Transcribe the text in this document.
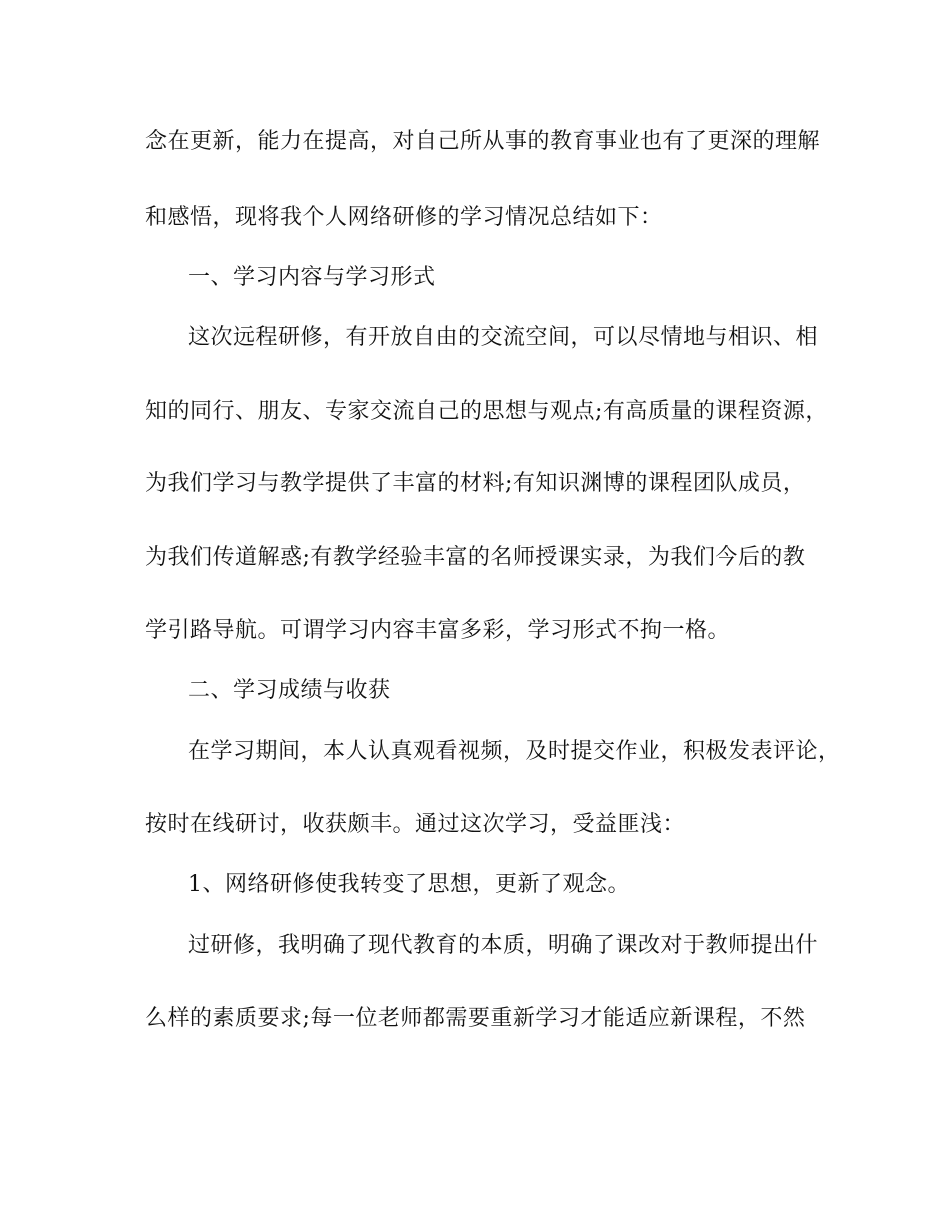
念在更新，能力在提高，对自己所从事的教育事业也有了更深的理解
和感悟，现将我个人网络研修的学习情况总结如下：
一、学习内容与学习形式
这次远程研修，有开放自由的交流空间，可以尽情地与相识、相
知的同行、朋友、专家交流自己的思想与观点;有高质量的课程资源，
为我们学习与教学提供了丰富的材料;有知识渊博的课程团队成员，
为我们传道解惑;有教学经验丰富的名师授课实录，为我们今后的教
学引路导航。可谓学习内容丰富多彩，学习形式不拘一格。
二、学习成绩与收获
在学习期间，本人认真观看视频，及时提交作业，积极发表评论，
按时在线研讨，收获颇丰。通过这次学习，受益匪浅：
1、网络研修使我转变了思想，更新了观念。
过研修，我明确了现代教育的本质，明确了课改对于教师提出什
么样的素质要求;每一位老师都需要重新学习才能适应新课程，不然
